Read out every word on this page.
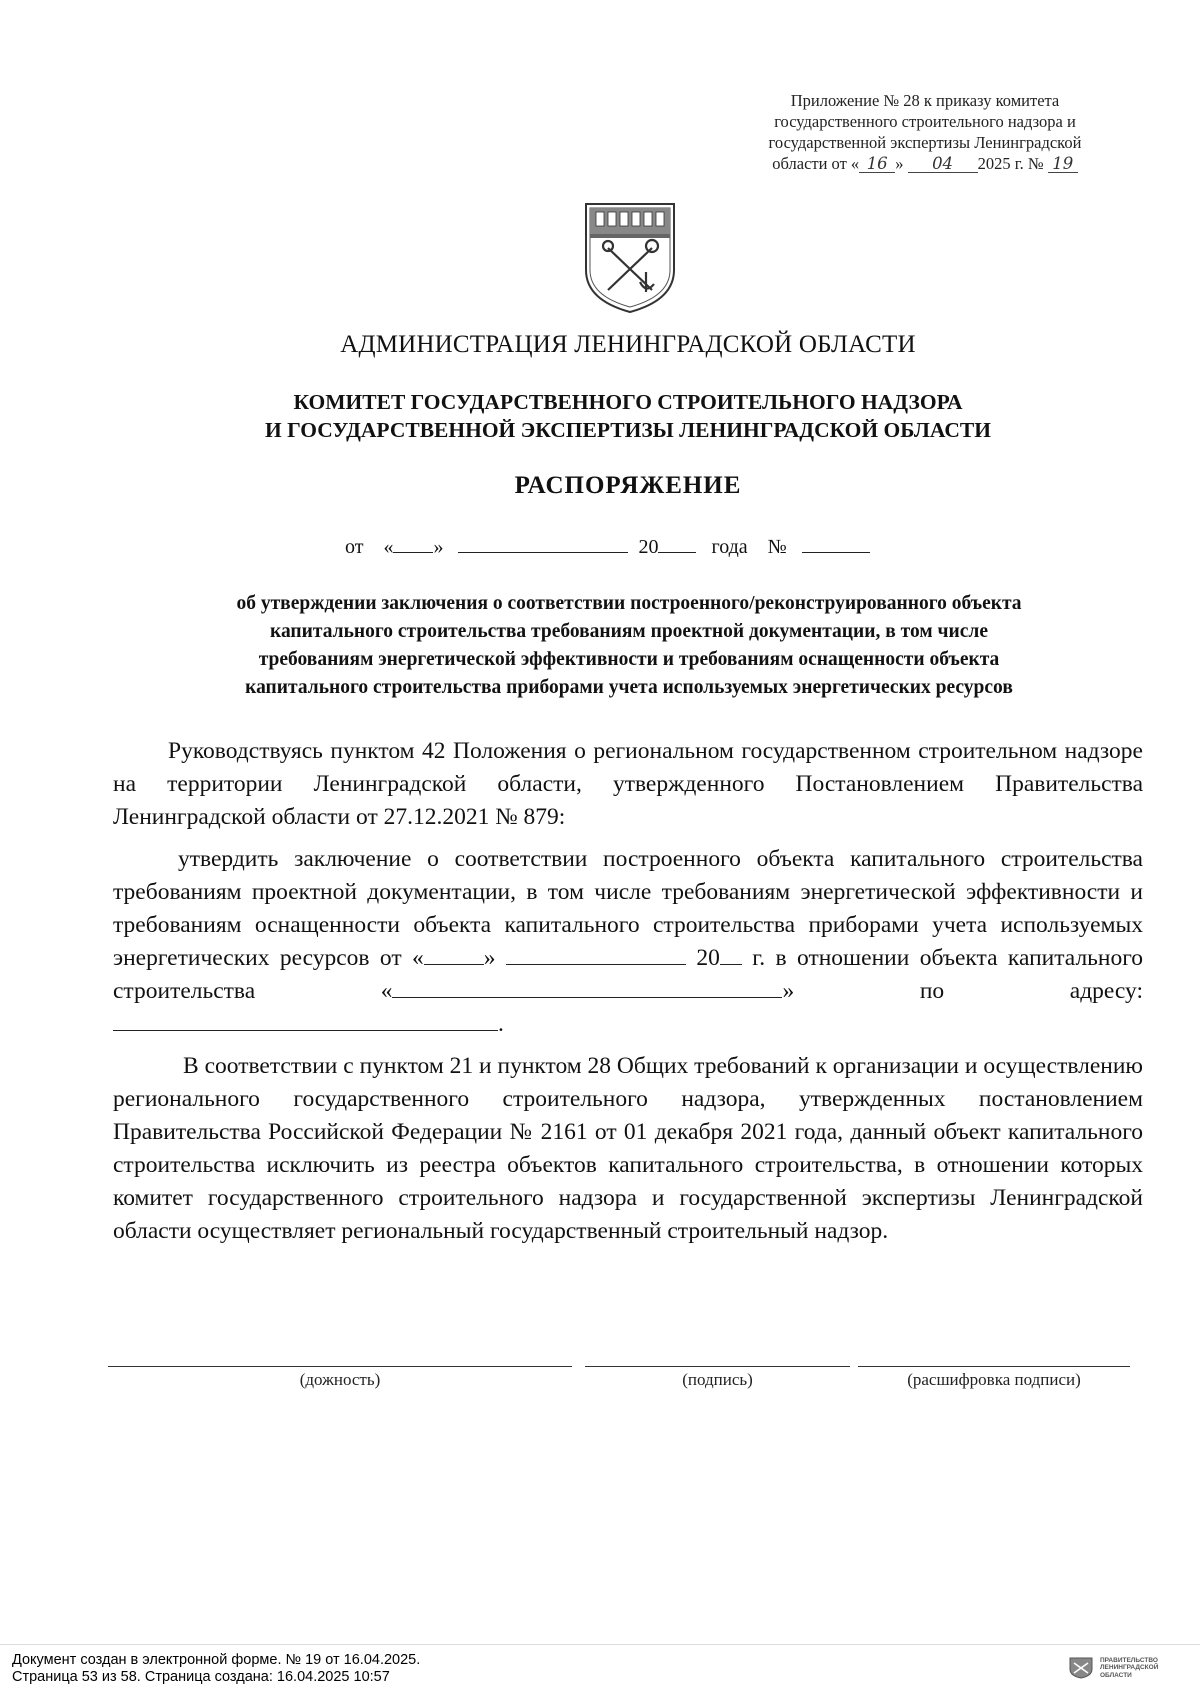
Приложение № 28 к приказу комитета
государственного строительного надзора и
государственной экспертизы Ленинградской
области от « 16 » 04 2025 г. № 19
АДМИНИСТРАЦИЯ ЛЕНИНГРАДСКОЙ ОБЛАСТИ
КОМИТЕТ ГОСУДАРСТВЕННОГО СТРОИТЕЛЬНОГО НАДЗОРА
И ГОСУДАРСТВЕННОЙ ЭКСПЕРТИЗЫ ЛЕНИНГРАДСКОЙ ОБЛАСТИ
РАСПОРЯЖЕНИЕ
от « »	20	года №
об утверждении заключения о соответствии построенного/реконструированного объекта
капитального строительства требованиям проектной документации, в том числе
требованиям энергетической эффективности и требованиям оснащенности объекта
капитального строительства приборами учета используемых энергетических ресурсов
Руководствуясь пунктом 42 Положения о региональном государственном строительном надзоре на территории Ленинградской области, утвержденного Постановлением Правительства Ленинградской области от 27.12.2021 № 879:
утвердить заключение о соответствии построенного объекта капитального строительства требованиям проектной документации, в том числе требованиям энергетической эффективности и требованиям оснащенности объекта капитального строительства приборами учета используемых энергетических ресурсов от «	»	20 г. в отношении объекта капитального строительства	«	» по адресу: .
В соответствии с пунктом 21 и пунктом 28 Общих требований к организации и осуществлению регионального государственного строительного надзора, утвержденных постановлением Правительства Российской Федерации № 2161 от 01 декабря 2021 года, данный объект капитального строительства исключить из реестра объектов капитального строительства, в отношении которых комитет государственного строительного надзора и государственной экспертизы Ленинградской области осуществляет региональный государственный строительный надзор.
(дожность)	(подпись)	(расшифровка подписи)
Документ создан в электронной форме. № 19 от 16.04.2025.
Страница 53 из 58. Страница создана: 16.04.2025 10:57
ПРАВИТЕЛЬСТВО
ЛЕНИНГРАДСКОЙ
ОБЛАСТИ
